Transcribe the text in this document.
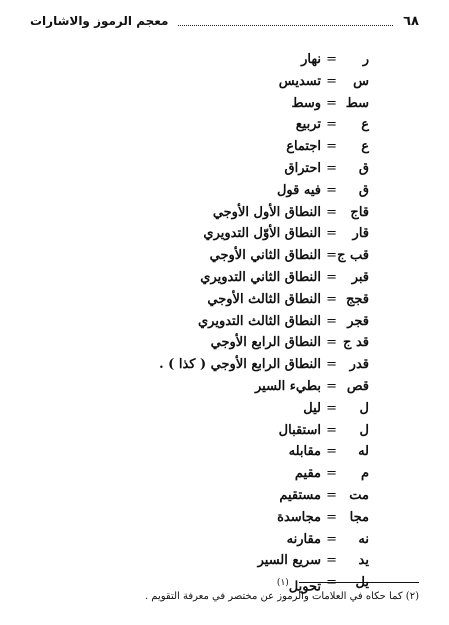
٦٨
معجم الرموز والاشارات
ر
=
نهار
س
=
تسديس
سط
=
وسط
ع
=
تربيع
ع
=
اجتماع
ق
=
احتراق
ق
=
فيه قول
قاج
=
النطاق الأول الأوجي
قار
=
النطاق الأوّل التدويري
قب ج
=
النطاق الثاني الأوجي
قبر
=
النطاق الثاني التدويري
قجج
=
النطاق الثالث الأوجي
قجر
=
النطاق الثالث التدويري
قد ج
=
النطاق الرابع الأوجي
قدر
=
النطاق الرابع الأوجي ( كذا ) .
قص
=
بطيء السير
ل
=
ليل
ل
=
استقبال
له
=
مقابله
م
=
مقيم
مت
=
مستقيم
مجا
=
مجاسدة
نه
=
مقارنه
يد
=
سريع السير
يل
=
تحويل$^{(١)}$
(٢) كما حكاه في العلامات والرموز عن مختصر في معرفة التقويم .
